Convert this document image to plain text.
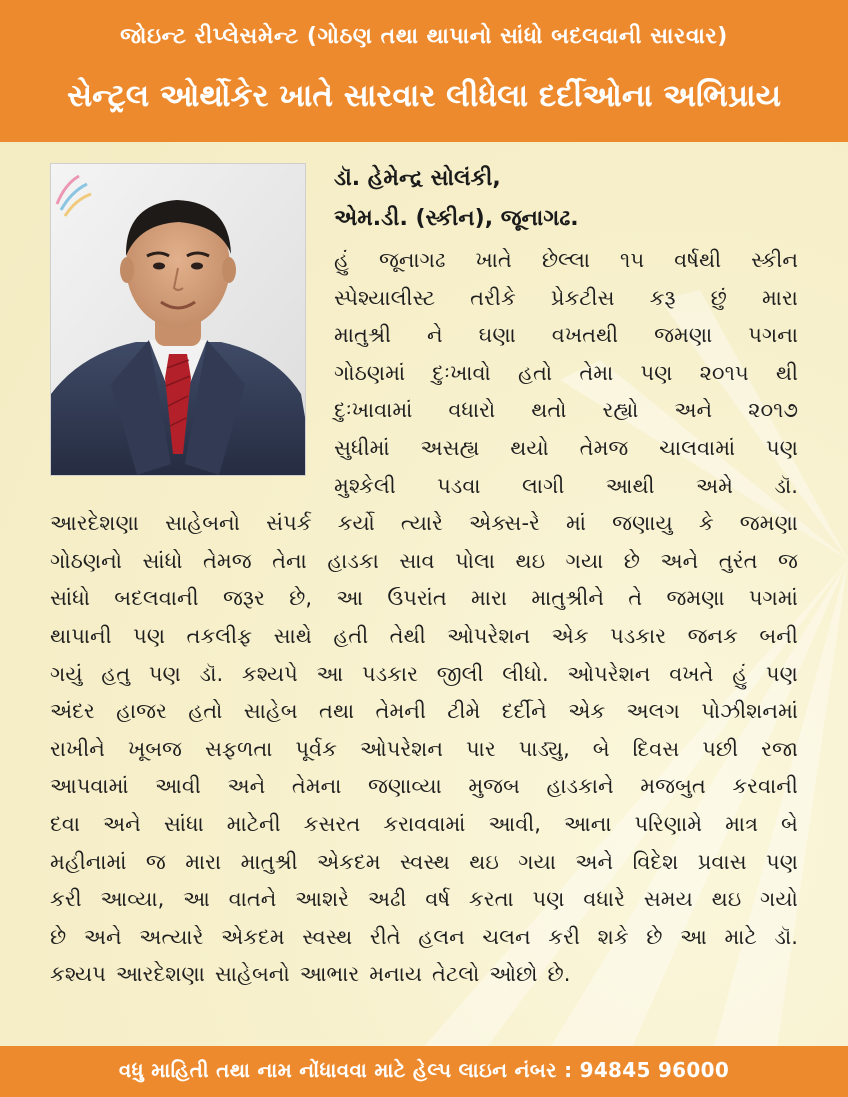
જોઇન્ટ રીપ્લેસમેન્ટ (ગોઠણ તથા થાપાનો સાંધો બદલવાની સારવાર)
સેન્ટ્રલ ઓર્થોકેર ખાતે સારવાર લીધેલા દર્દીઓના અભિપ્રાય
ડૉ. હેમેન્દ્ર સોલંકી,
એમ.ડી. (સ્કીન), જૂનાગઢ.
હું જૂનાગઢ ખાતે છેલ્લા ૧૫ વર્ષથી સ્કીન
સ્પેશ્યાલીસ્ટ તરીકે પ્રેકટીસ કરૂ છું મારા
માતુશ્રી ને ઘણા વખતથી જમણા પગના
ગોઠણમાં દુઃખાવો હતો તેમા પણ ૨૦૧૫ થી
દુઃખાવામાં વધારો થતો રહ્યો અને ૨૦૧૭
સુધીમાં અસહ્ય થયો તેમજ ચાલવામાં પણ
મુશ્કેલી પડવા લાગી આથી અમે ડૉ.
આરદેશણા સાહેબનો સંપર્ક કર્યો ત્યારે એક્સ-રે માં જણાયુ કે જમણા
ગોઠણનો સાંધો તેમજ તેના હાડકા સાવ પોલા થઇ ગયા છે અને તુરંત જ
સાંધો બદલવાની જરૂર છે, આ ઉપરાંત મારા માતુશ્રીને તે જમણા પગમાં
થાપાની પણ તકલીફ સાથે હતી તેથી ઓપરેશન એક પડકાર જનક બની
ગયું હતુ પણ ડૉ. કશ્યપે આ પડકાર જીલી લીધો. ઓપરેશન વખતે હું પણ
અંદર હાજર હતો સાહેબ તથા તેમની ટીમે દર્દીને એક અલગ પોઝીશનમાં
રાખીને ખૂબજ સફળતા પૂર્વક ઓપરેશન પાર પાડ્યુ, બે દિવસ પછી રજા
આપવામાં આવી અને તેમના જણાવ્યા મુજબ હાડકાને મજબુત કરવાની
દવા અને સાંધા માટેની કસરત કરાવવામાં આવી, આના પરિણામે માત્ર બે
મહીનામાં જ મારા માતુશ્રી એકદમ સ્વસ્થ થઇ ગયા અને વિદેશ પ્રવાસ પણ
કરી આવ્યા, આ વાતને આશરે અઢી વર્ષ કરતા પણ વધારે સમય થઇ ગયો
છે અને અત્યારે એકદમ સ્વસ્થ રીતે હલન ચલન કરી શકે છે આ માટે ડૉ.
કશ્યપ આરદેશણા સાહેબનો આભાર મનાય તેટલો ઓછો છે.
વધુ માહિતી તથા નામ નોંધાવવા માટે હેલ્પ લાઇન નંબર : 94845 96000
